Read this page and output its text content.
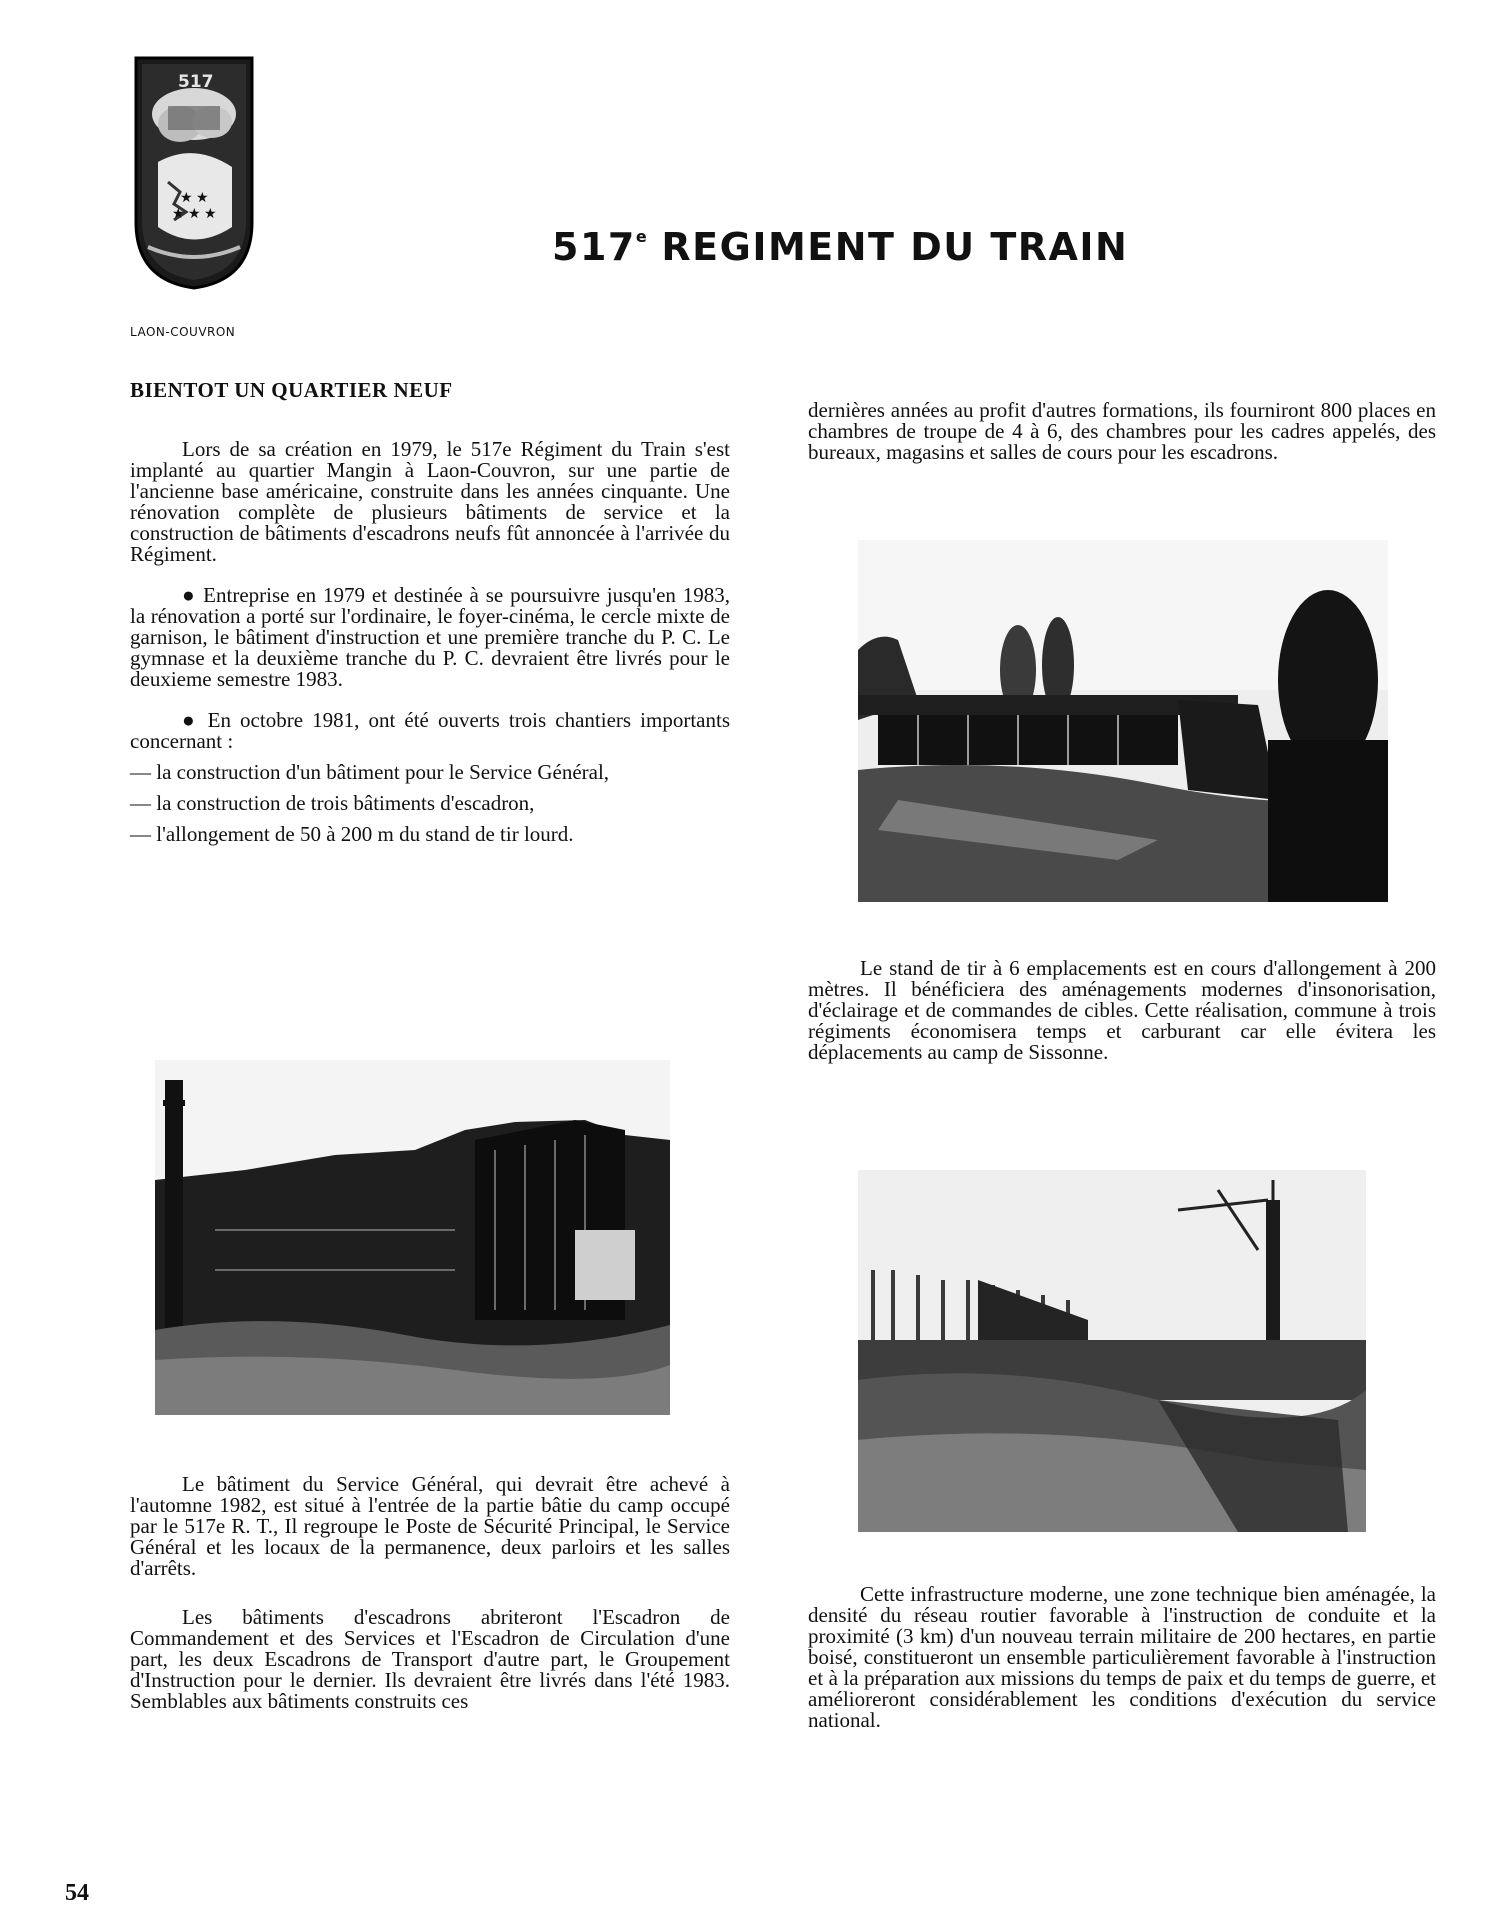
★ ★
★ ★ ★
517
LAON-COUVRON
517e REGIMENT DU TRAIN

BIENTOT UN QUARTIER NEUF

Lors de sa création en 1979, le 517e Régiment du Train s'est implanté au quartier Mangin à Laon-Couvron, sur une partie de l'ancienne base américaine, construite dans les années cinquante. Une rénovation complète de plusieurs bâtiments de service et la construction de bâtiments d'escadrons neufs fût annoncée à l'arrivée du Régiment.

● Entreprise en 1979 et destinée à se poursuivre jusqu'en 1983, la rénovation a porté sur l'ordinaire, le foyer-cinéma, le cercle mixte de garnison, le bâtiment d'instruction et une première tranche du P. C. Le gymnase et la deuxième tranche du P. C. devraient être livrés pour le deuxieme semestre 1983.

● En octobre 1981, ont été ouverts trois chantiers importants concernant :

— la construction d'un bâtiment pour le Service Général,

— la construction de trois bâtiments d'escadron,

— l'allongement de 50 à 200 m du stand de tir lourd.

Le bâtiment du Service Général, qui devrait être achevé à l'automne 1982, est situé à l'entrée de la partie bâtie du camp occupé par le 517e R. T., Il regroupe le Poste de Sécurité Principal, le Service Général et les locaux de la permanence, deux parloirs et les salles d'arrêts.

Les bâtiments d'escadrons abriteront l'Escadron de Commandement et des Services et l'Escadron de Circulation d'une part, les deux Escadrons de Transport d'autre part, le Groupement d'Instruction pour le dernier. Ils devraient être livrés dans l'été 1983. Semblables aux bâtiments construits ces

dernières années au profit d'autres formations, ils fourniront 800 places en chambres de troupe de 4 à 6, des chambres pour les cadres appelés, des bureaux, magasins et salles de cours pour les escadrons.

Le stand de tir à 6 emplacements est en cours d'allongement à 200 mètres. Il bénéficiera des aménagements modernes d'insonorisation, d'éclairage et de commandes de cibles. Cette réalisation, commune à trois régiments économisera temps et carburant car elle évitera les déplacements au camp de Sissonne.

Cette infrastructure moderne, une zone technique bien aménagée, la densité du réseau routier favorable à l'instruction de conduite et la proximité (3 km) d'un nouveau terrain militaire de 200 hectares, en partie boisé, constitueront un ensemble particulièrement favorable à l'instruction et à la préparation aux missions du temps de paix et du temps de guerre, et amélioreront considérablement les conditions d'exécution du service national.

54
